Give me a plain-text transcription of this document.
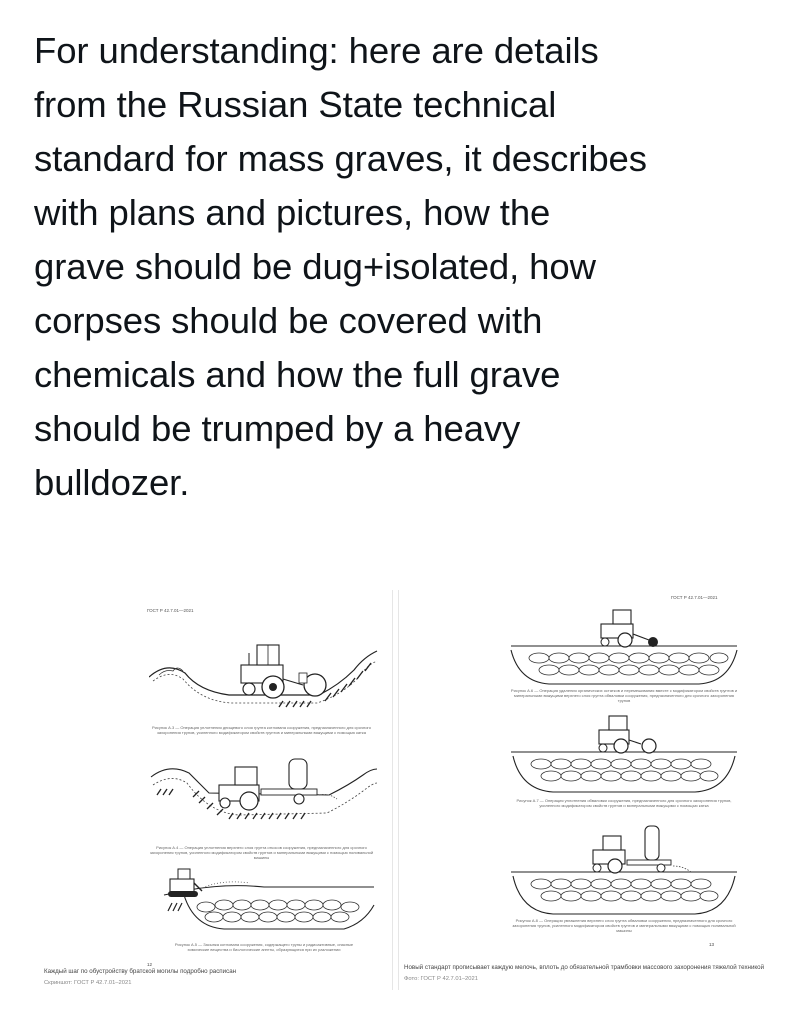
For understanding: here are details
from the Russian State technical
standard for mass graves, it describes
with plans and pictures, how the
grave should be dug+isolated, how
corpses should be covered with
chemicals and how the full grave
should be trumped by a heavy
bulldozer.
ГОСТ Р 42.7.01—2021
Рисунок А.3 — Операция уплотнения днищевого слоя грунта котлована сооружения, предназначенного для срочного захоронения трупов, усиленного модификатором свойств грунтов и минеральными вяжущими с помощью катка
Рисунок А.4 — Операция уплотнения верхнего слоя грунта откосов сооружения, предназначенного для срочного захоронения трупов, усиленного модификатором свойств грунтов и минеральными вяжущими с помощью поливальной машины
Рисунок А.5 — Засыпка котлована сооружения, содержащего трупы и радиоактивные, опасные химические вещества и биологические агенты, образующиеся при их разложении
12
ГОСТ Р 42.7.01—2021
Рисунок А.6 — Операция удаления органических остатков и перемешивания вместе с модификатором свойств грунтов и минеральными вяжущими верхнего слоя грунта обваловки сооружения, предназначенного для срочного захоронения трупов
Рисунок А.7 — Операция уплотнения обваловки сооружения, предназначенного для срочного захоронения трупов, усиленного модификатором свойств грунтов и минеральными вяжущими с помощью катка
Рисунок А.8 — Операция увлажнения верхнего слоя грунта обваловки сооружения, предназначенного для срочного захоронения трупов, усиленного модификатором свойств грунтов и минеральными вяжущими с помощью поливальной машины
13
Каждый шаг по обустройству братской могилы подробно расписан
Скриншот: ГОСТ Р 42.7.01–2021
Новый стандарт прописывает каждую мелочь, вплоть до обязательной трамбовки массового захоронения тяжелой техникой
Фото: ГОСТ Р 42.7.01–2021
